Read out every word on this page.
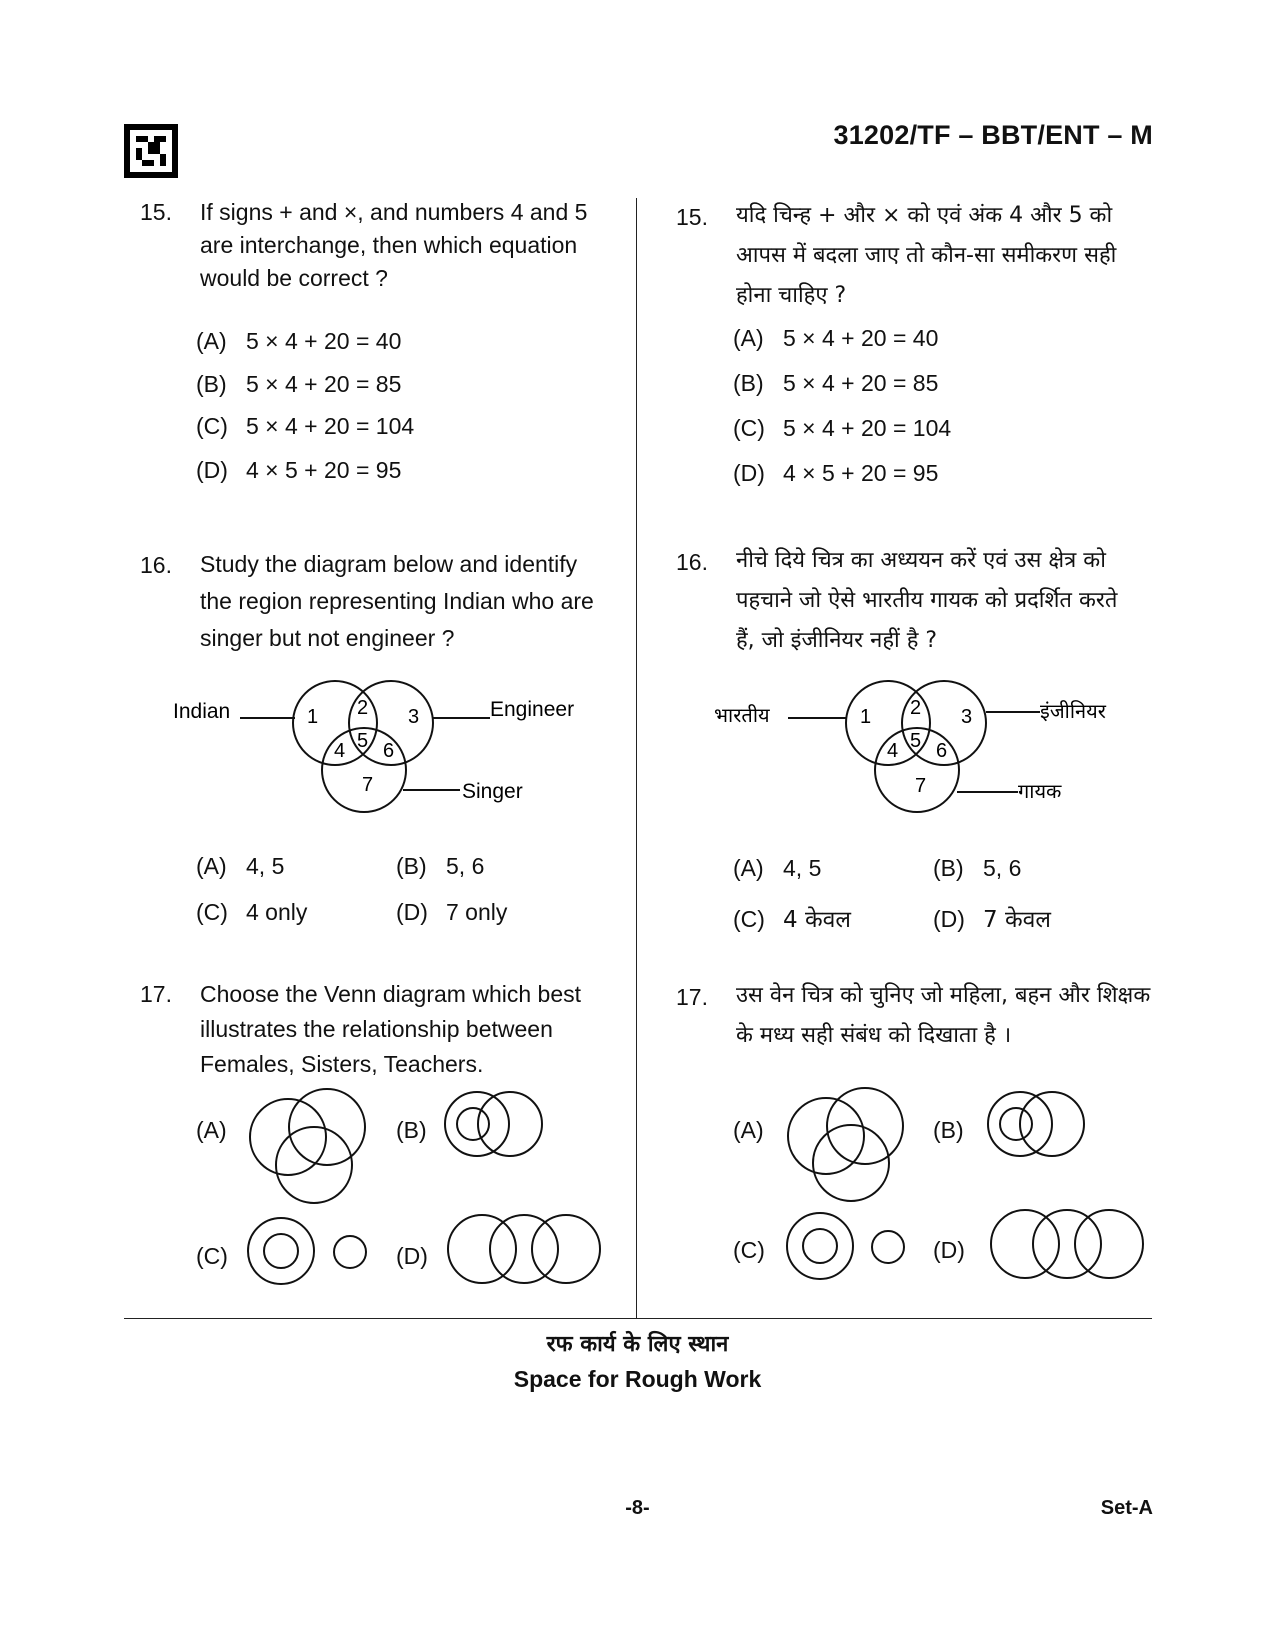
31202/TF – BBT/ENT – M
15. If signs + and ×, and numbers 4 and 5
are interchange, then which equation
would be correct ?
(A) 5 × 4 + 20 = 40
(B) 5 × 4 + 20 = 85
(C) 5 × 4 + 20 = 104
(D) 4 × 5 + 20 = 95
16. Study the diagram below and identify
the region representing Indian who are
singer but not engineer ?
Indian	Engineer
Singer
1 2 3
4 5 6
7
(A) 4, 5	(B) 5, 6
(C) 4 only	(D) 7 only
17. Choose the Venn diagram which best
illustrates the relationship between
Females, Sisters, Teachers.
(A)	(B)
(C)	(D)
15. यदि चिन्ह + और × को एवं अंक 4 और 5 को
आपस में बदला जाए तो कौन-सा समीकरण सही
होना चाहिए ?
(A) 5 × 4 + 20 = 40
(B) 5 × 4 + 20 = 85
(C) 5 × 4 + 20 = 104
(D) 4 × 5 + 20 = 95
16. नीचे दिये चित्र का अध्ययन करें एवं उस क्षेत्र को
पहचाने जो ऐसे भारतीय गायक को प्रदर्शित करते
हैं, जो इंजीनियर नहीं है ?
भारतीय	इंजीनियर
गायक
1 2 3
4 5 6
7
(A) 4, 5	(B) 5, 6
(C) 4 केवल	(D) 7 केवल
17. उस वेन चित्र को चुनिए जो महिला, बहन और शिक्षक
के मध्य सही संबंध को दिखाता है ।
(A)	(B)
(C)	(D)
रफ कार्य के लिए स्थान
Space for Rough Work
-8-	Set-A
